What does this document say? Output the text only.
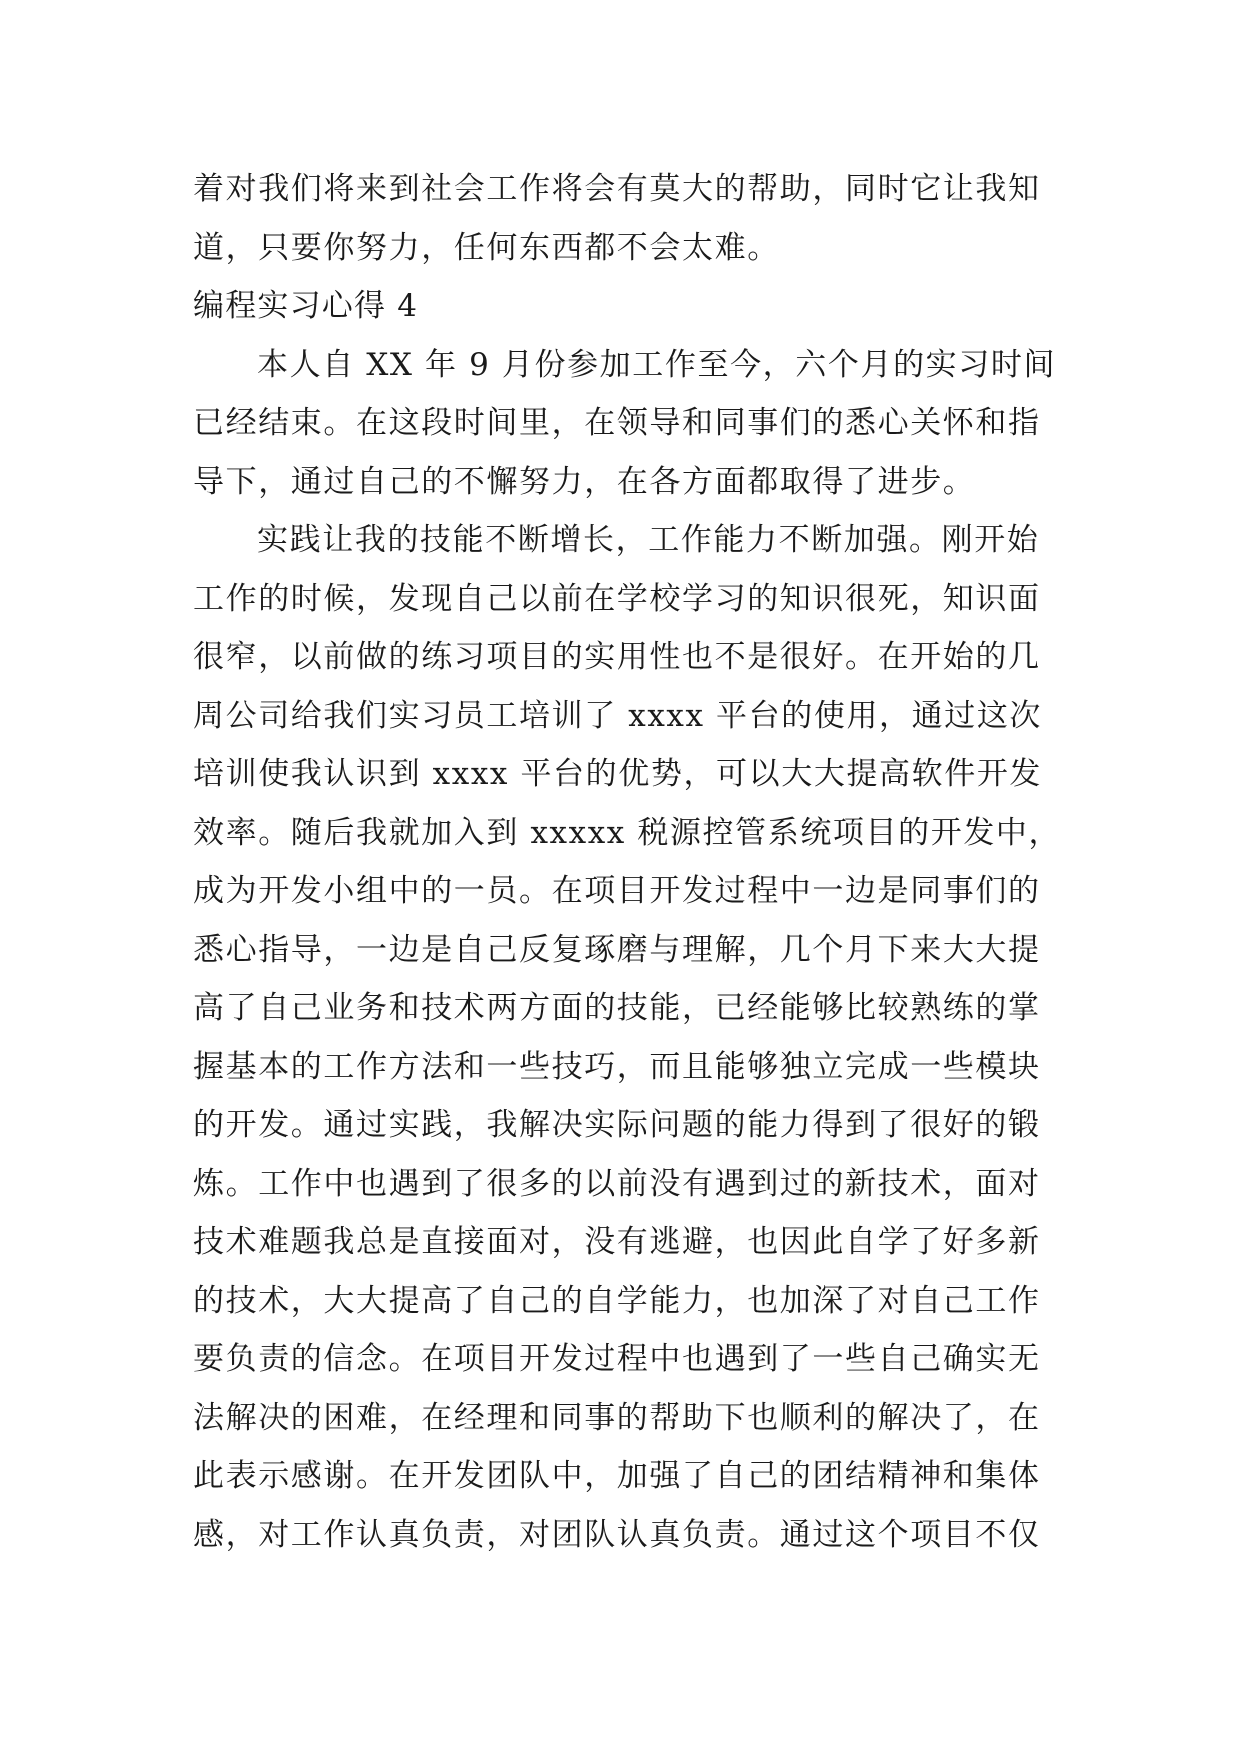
着对我们将来到社会工作将会有莫大的帮助，同时它让我知
道，只要你努力，任何东西都不会太难。
编程实习心得 4
本人自 XX 年 9 月份参加工作至今，六个月的实习时间
已经结束。在这段时间里，在领导和同事们的悉心关怀和指
导下，通过自己的不懈努力，在各方面都取得了进步。
实践让我的技能不断增长，工作能力不断加强。刚开始
工作的时候，发现自己以前在学校学习的知识很死，知识面
很窄，以前做的练习项目的实用性也不是很好。在开始的几
周公司给我们实习员工培训了 xxxx 平台的使用，通过这次
培训使我认识到 xxxx 平台的优势，可以大大提高软件开发
效率。随后我就加入到 xxxxx 税源控管系统项目的开发中，
成为开发小组中的一员。在项目开发过程中一边是同事们的
悉心指导，一边是自己反复琢磨与理解，几个月下来大大提
高了自己业务和技术两方面的技能，已经能够比较熟练的掌
握基本的工作方法和一些技巧，而且能够独立完成一些模块
的开发。通过实践，我解决实际问题的能力得到了很好的锻
炼。工作中也遇到了很多的以前没有遇到过的新技术，面对
技术难题我总是直接面对，没有逃避，也因此自学了好多新
的技术，大大提高了自己的自学能力，也加深了对自己工作
要负责的信念。在项目开发过程中也遇到了一些自己确实无
法解决的困难，在经理和同事的帮助下也顺利的解决了，在
此表示感谢。在开发团队中，加强了自己的团结精神和集体
感，对工作认真负责，对团队认真负责。通过这个项目不仅
